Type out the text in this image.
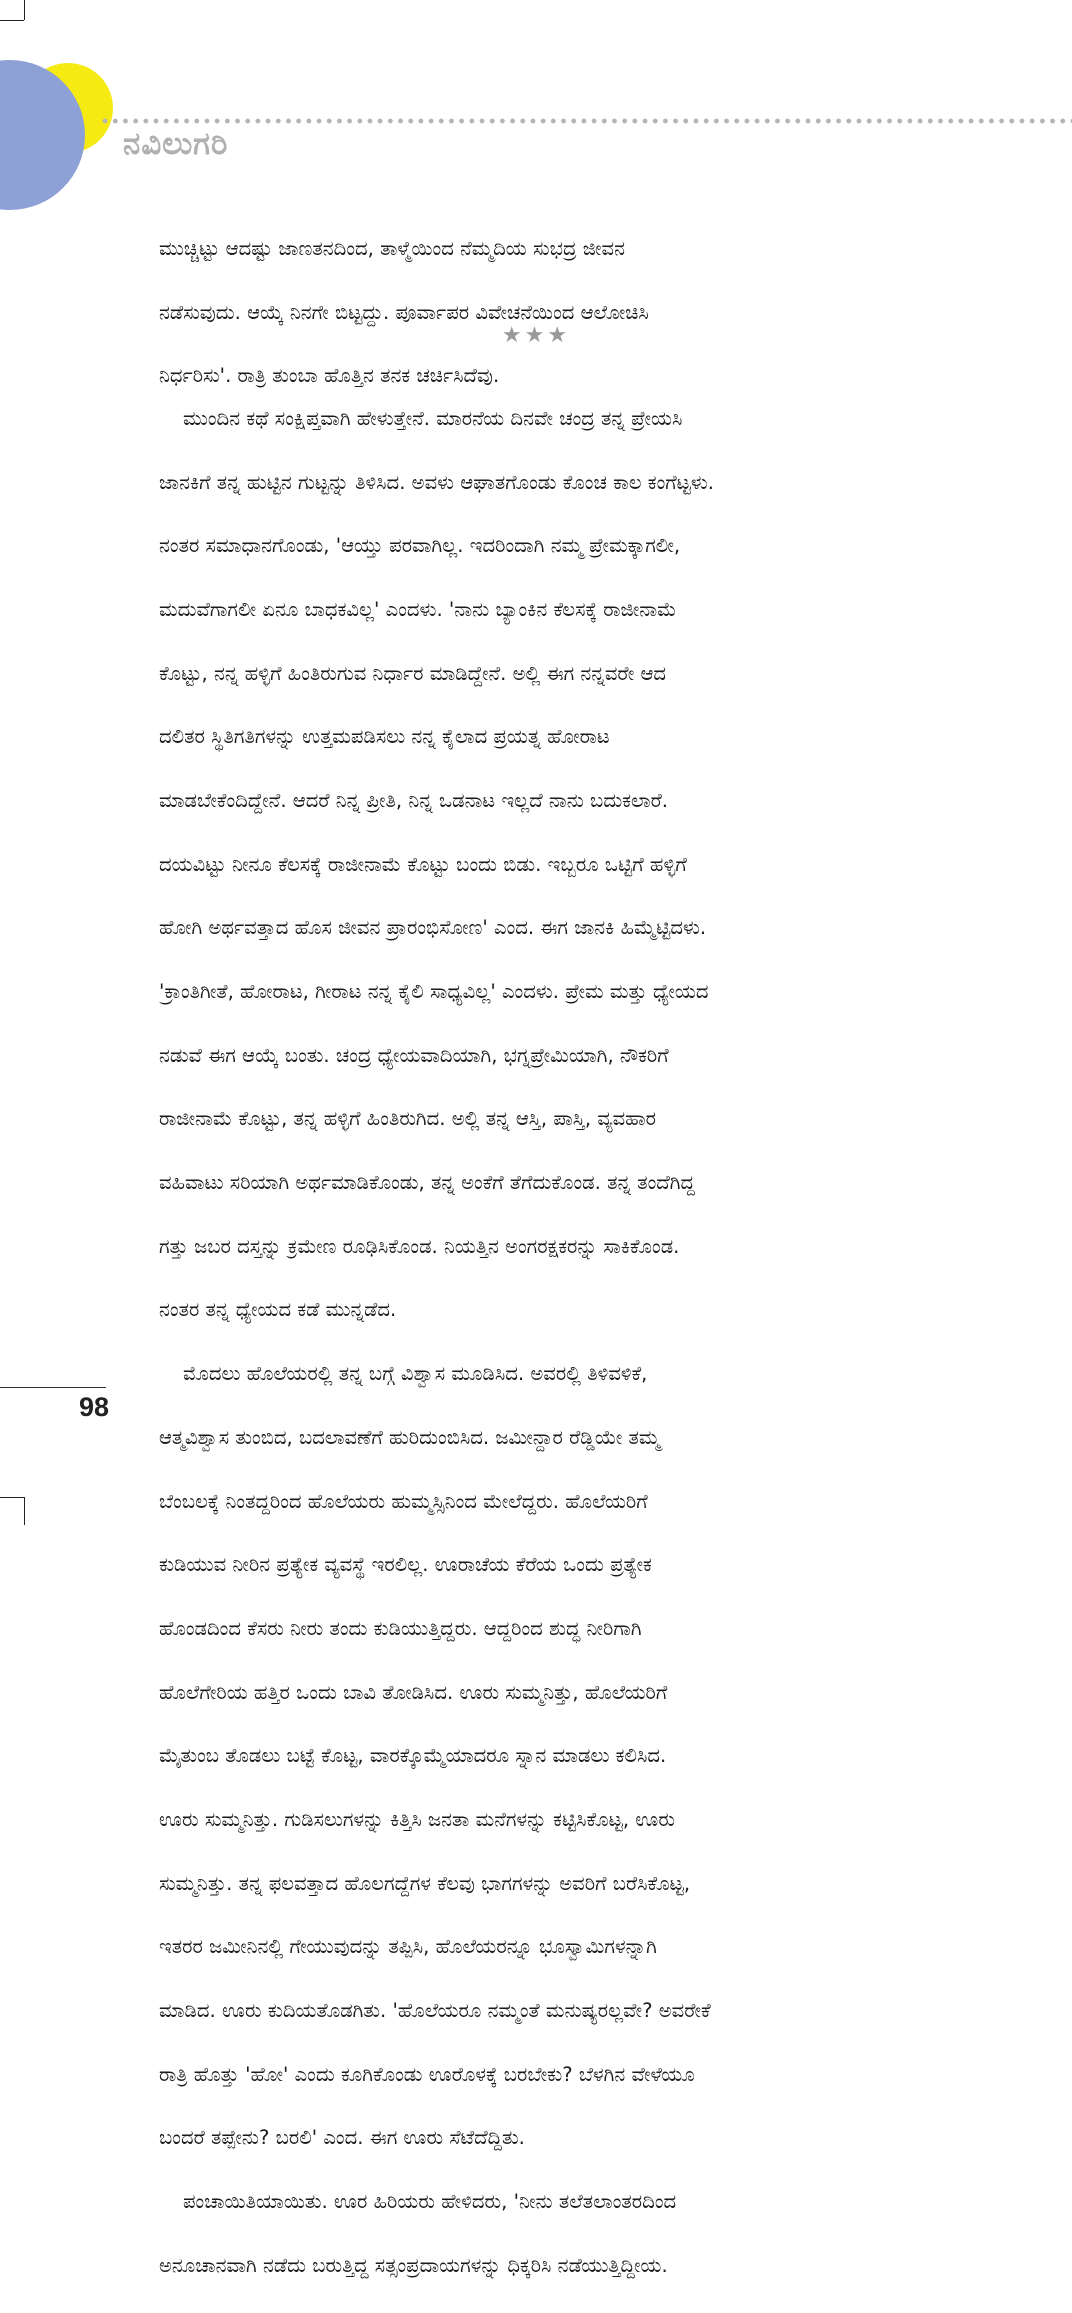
ನವಿಲುಗರಿ

ಮುಚ್ಚಿಟ್ಟು ಆದಷ್ಟು ಜಾಣತನದಿಂದ, ತಾಳ್ಮೆಯಿಂದ ನೆಮ್ಮದಿಯ ಸುಭದ್ರ ಜೀವನ

ನಡೆಸುವುದು. ಆಯ್ಕೆ ನಿನಗೇ ಬಿಟ್ಟದ್ದು. ಪೂರ್ವಾಪರ ವಿವೇಚನೆಯಿಂದ ಆಲೋಚಿಸಿ

ನಿರ್ಧರಿಸು'. ರಾತ್ರಿ ತುಂಬಾ ಹೊತ್ತಿನ ತನಕ ಚರ್ಚಿಸಿದೆವು.

★★★

ಮುಂದಿನ ಕಥೆ ಸಂಕ್ಷಿಪ್ತವಾಗಿ ಹೇಳುತ್ತೇನೆ. ಮಾರನೆಯ ದಿನವೇ ಚಂದ್ರ ತನ್ನ ಪ್ರೇಯಸಿ

ಜಾನಕಿಗೆ ತನ್ನ ಹುಟ್ಟಿನ ಗುಟ್ಟನ್ನು ತಿಳಿಸಿದ. ಅವಳು ಆಘಾತಗೊಂಡು ಕೊಂಚ ಕಾಲ ಕಂಗೆಟ್ಟಳು.

ನಂತರ ಸಮಾಧಾನಗೊಂಡು, 'ಆಯ್ತು ಪರವಾಗಿಲ್ಲ. ಇದರಿಂದಾಗಿ ನಮ್ಮ ಪ್ರೇಮಕ್ಕಾಗಲೀ,

ಮದುವೆಗಾಗಲೀ ಏನೂ ಬಾಧಕವಿಲ್ಲ' ಎಂದಳು. 'ನಾನು ಬ್ಯಾಂಕಿನ ಕೆಲಸಕ್ಕೆ ರಾಜೀನಾಮೆ

ಕೊಟ್ಟು, ನನ್ನ ಹಳ್ಳಿಗೆ ಹಿಂತಿರುಗುವ ನಿರ್ಧಾರ ಮಾಡಿದ್ದೇನೆ. ಅಲ್ಲಿ ಈಗ ನನ್ನವರೇ ಆದ

ದಲಿತರ ಸ್ಥಿತಿಗತಿಗಳನ್ನು ಉತ್ತಮಪಡಿಸಲು ನನ್ನ ಕೈಲಾದ ಪ್ರಯತ್ನ ಹೋರಾಟ

ಮಾಡಬೇಕೆಂದಿದ್ದೇನೆ. ಆದರೆ ನಿನ್ನ ಪ್ರೀತಿ, ನಿನ್ನ ಒಡನಾಟ ಇಲ್ಲದೆ ನಾನು ಬದುಕಲಾರೆ.

ದಯವಿಟ್ಟು ನೀನೂ ಕೆಲಸಕ್ಕೆ ರಾಜೀನಾಮೆ ಕೊಟ್ಟು ಬಂದು ಬಿಡು. ಇಬ್ಬರೂ ಒಟ್ಟಿಗೆ ಹಳ್ಳಿಗೆ

ಹೋಗಿ ಅರ್ಥವತ್ತಾದ ಹೊಸ ಜೀವನ ಪ್ರಾರಂಭಿಸೋಣ' ಎಂದ. ಈಗ ಜಾನಕಿ ಹಿಮ್ಮೆಟ್ಟಿದಳು.

'ಕ್ರಾಂತಿಗೀತೆ, ಹೋರಾಟ, ಗೀರಾಟ ನನ್ನ ಕೈಲಿ ಸಾಧ್ಯವಿಲ್ಲ' ಎಂದಳು. ಪ್ರೇಮ ಮತ್ತು ಧ್ಯೇಯದ

ನಡುವೆ ಈಗ ಆಯ್ಕೆ ಬಂತು. ಚಂದ್ರ ಧ್ಯೇಯವಾದಿಯಾಗಿ, ಭಗ್ನಪ್ರೇಮಿಯಾಗಿ, ನೌಕರಿಗೆ

ರಾಜೀನಾಮೆ ಕೊಟ್ಟು, ತನ್ನ ಹಳ್ಳಿಗೆ ಹಿಂತಿರುಗಿದ. ಅಲ್ಲಿ ತನ್ನ ಆಸ್ತಿ, ಪಾಸ್ತಿ, ವ್ಯವಹಾರ

ವಹಿವಾಟು ಸರಿಯಾಗಿ ಅರ್ಥಮಾಡಿಕೊಂಡು, ತನ್ನ ಅಂಕೆಗೆ ತೆಗೆದುಕೊಂಡ. ತನ್ನ ತಂದೆಗಿದ್ದ

ಗತ್ತು ಜಬರ ದಸ್ತನ್ನು ಕ್ರಮೇಣ ರೂಢಿಸಿಕೊಂಡ. ನಿಯತ್ತಿನ ಅಂಗರಕ್ಷಕರನ್ನು ಸಾಕಿಕೊಂಡ.

ನಂತರ ತನ್ನ ಧ್ಯೇಯದ ಕಡೆ ಮುನ್ನಡೆದ.

ಮೊದಲು ಹೊಲೆಯರಲ್ಲಿ ತನ್ನ ಬಗ್ಗೆ ವಿಶ್ವಾಸ ಮೂಡಿಸಿದ. ಅವರಲ್ಲಿ ತಿಳಿವಳಿಕೆ,

ಆತ್ಮವಿಶ್ವಾಸ ತುಂಬಿದ, ಬದಲಾವಣೆಗೆ ಹುರಿದುಂಬಿಸಿದ. ಜಮೀನ್ದಾರ ರೆಡ್ಡಿಯೇ ತಮ್ಮ

ಬೆಂಬಲಕ್ಕೆ ನಿಂತದ್ದರಿಂದ ಹೊಲೆಯರು ಹುಮ್ಮಸ್ಸಿನಿಂದ ಮೇಲೆದ್ದರು. ಹೊಲೆಯರಿಗೆ

ಕುಡಿಯುವ ನೀರಿನ ಪ್ರತ್ಯೇಕ ವ್ಯವಸ್ಥೆ ಇರಲಿಲ್ಲ. ಊರಾಚೆಯ ಕೆರೆಯ ಒಂದು ಪ್ರತ್ಯೇಕ

ಹೊಂಡದಿಂದ ಕೆಸರು ನೀರು ತಂದು ಕುಡಿಯುತ್ತಿದ್ದರು. ಆದ್ದರಿಂದ ಶುದ್ಧ ನೀರಿಗಾಗಿ

ಹೊಲೆಗೇರಿಯ ಹತ್ತಿರ ಒಂದು ಬಾವಿ ತೋಡಿಸಿದ. ಊರು ಸುಮ್ಮನಿತ್ತು, ಹೊಲೆಯರಿಗೆ

ಮೈತುಂಬ ತೊಡಲು ಬಟ್ಟೆ ಕೊಟ್ಟ, ವಾರಕ್ಕೊಮ್ಮೆಯಾದರೂ ಸ್ನಾನ ಮಾಡಲು ಕಲಿಸಿದ.

ಊರು ಸುಮ್ಮನಿತ್ತು. ಗುಡಿಸಲುಗಳನ್ನು ಕಿತ್ತಿಸಿ ಜನತಾ ಮನೆಗಳನ್ನು ಕಟ್ಟಿಸಿಕೊಟ್ಟ, ಊರು

ಸುಮ್ಮನಿತ್ತು. ತನ್ನ ಫಲವತ್ತಾದ ಹೊಲಗದ್ದೆಗಳ ಕೆಲವು ಭಾಗಗಳನ್ನು ಅವರಿಗೆ ಬರೆಸಿಕೊಟ್ಟ,

ಇತರರ ಜಮೀನಿನಲ್ಲಿ ಗೇಯುವುದನ್ನು ತಪ್ಪಿಸಿ, ಹೊಲೆಯರನ್ನೂ ಭೂಸ್ವಾಮಿಗಳನ್ನಾಗಿ

ಮಾಡಿದ. ಊರು ಕುದಿಯತೊಡಗಿತು. 'ಹೊಲೆಯರೂ ನಮ್ಮಂತೆ ಮನುಷ್ಯರಲ್ಲವೇ? ಅವರೇಕೆ

ರಾತ್ರಿ ಹೊತ್ತು 'ಹೋ' ಎಂದು ಕೂಗಿಕೊಂಡು ಊರೊಳಕ್ಕೆ ಬರಬೇಕು? ಬೆಳಗಿನ ವೇಳೆಯೂ

ಬಂದರೆ ತಪ್ಪೇನು? ಬರಲಿ' ಎಂದ. ಈಗ ಊರು ಸೆಟೆದೆದ್ದಿತು.

ಪಂಚಾಯಿತಿಯಾಯಿತು. ಊರ ಹಿರಿಯರು ಹೇಳಿದರು, 'ನೀನು ತಲೆತಲಾಂತರದಿಂದ

ಅನೂಚಾನವಾಗಿ ನಡೆದು ಬರುತ್ತಿದ್ದ ಸತ್ಸಂಪ್ರದಾಯಗಳನ್ನು ಧಿಕ್ಕರಿಸಿ ನಡೆಯುತ್ತಿದ್ದೀಯ.

98
